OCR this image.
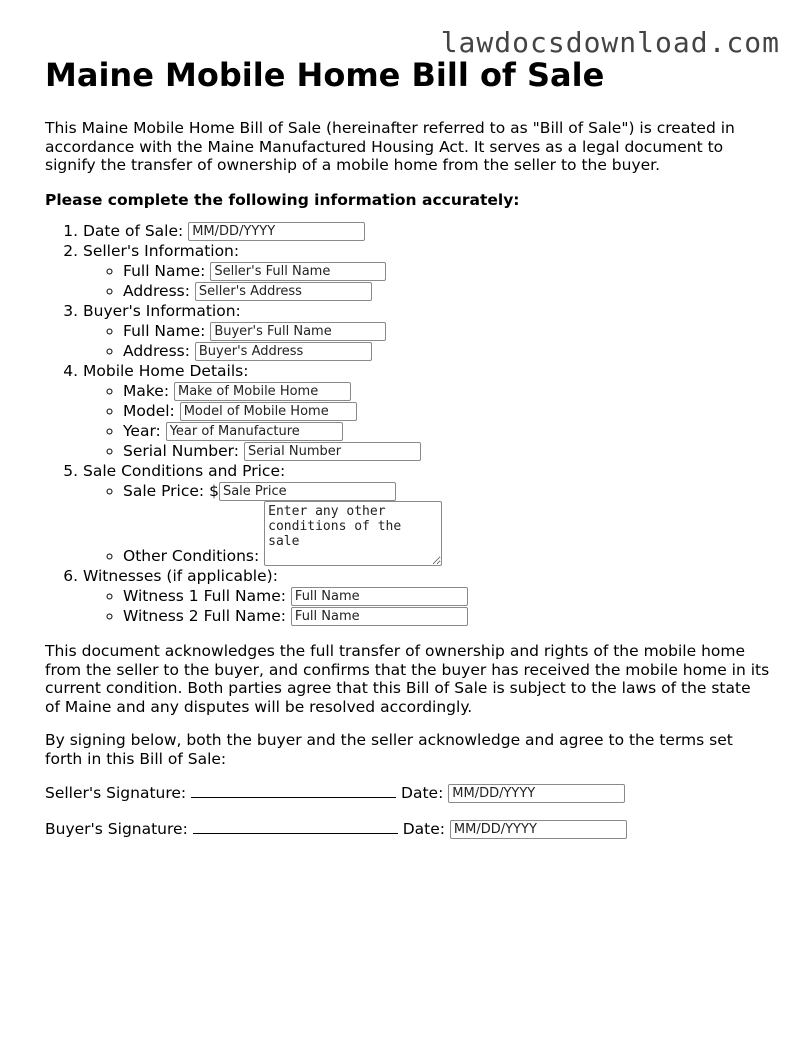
lawdocsdownload.com
Maine Mobile Home Bill of Sale

This Maine Mobile Home Bill of Sale (hereinafter referred to as "Bill of Sale") is created in accordance with the Maine Manufactured Housing Act. It serves as a legal document to signify the transfer of ownership of a mobile home from the seller to the buyer.

Please complete the following information accurately:

1. Date of Sale: MM/DD/YYYY
2. Seller's Information:
◦ Full Name: Seller's Full Name
◦ Address: Seller's Address
3. Buyer's Information:
◦ Full Name: Buyer's Full Name
◦ Address: Buyer's Address
4. Mobile Home Details:
◦ Make: Make of Mobile Home
◦ Model: Model of Mobile Home
◦ Year: Year of Manufacture
◦ Serial Number: Serial Number
5. Sale Conditions and Price:
◦ Sale Price: $Sale Price
◦ Other Conditions: Enter any other conditions of the sale
6. Witnesses (if applicable):
◦ Witness 1 Full Name: Full Name
◦ Witness 2 Full Name: Full Name

This document acknowledges the full transfer of ownership and rights of the mobile home from the seller to the buyer, and confirms that the buyer has received the mobile home in its current condition. Both parties agree that this Bill of Sale is subject to the laws of the state of Maine and any disputes will be resolved accordingly.

By signing below, both the buyer and the seller acknowledge and agree to the terms set forth in this Bill of Sale:

Seller's Signature:	Date: MM/DD/YYYY
Buyer's Signature:	Date: MM/DD/YYYY
